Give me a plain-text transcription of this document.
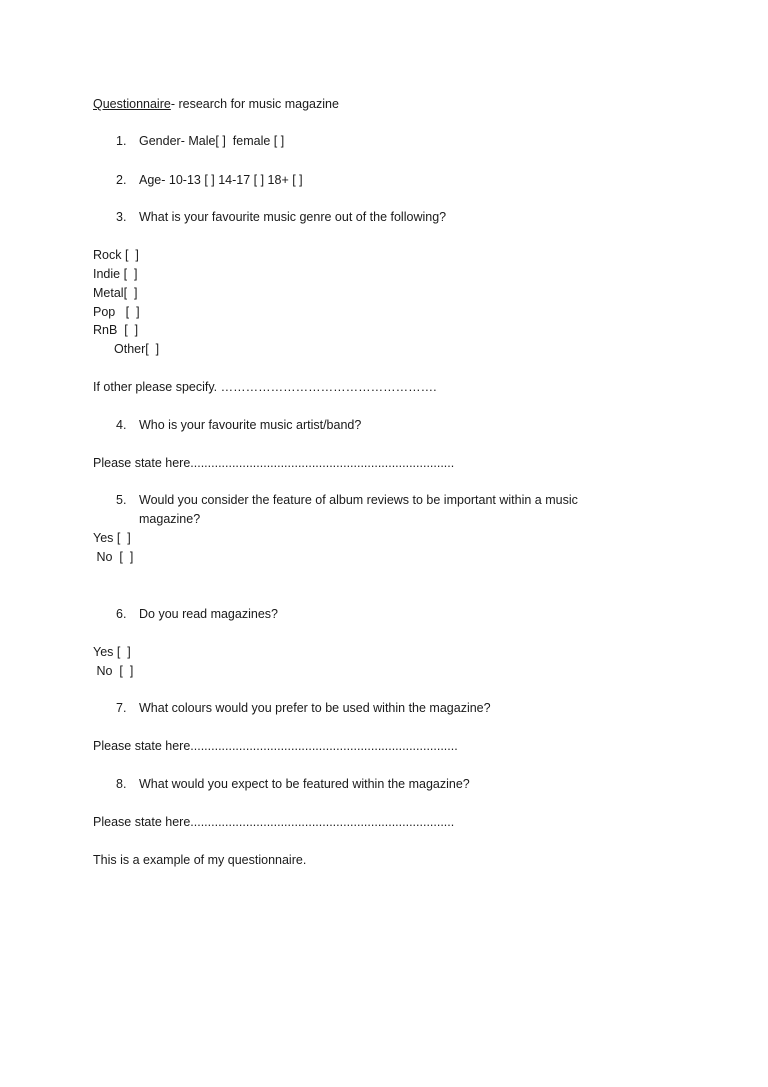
Questionnaire- research for music magazine
1. Gender- Male[ ]  female [ ]
2. Age- 10-13 [ ] 14-17 [ ] 18+ [ ]
3. What is your favourite music genre out of the following?
Rock [  ]
Indie [  ]
Metal[  ]
Pop   [  ]
RnB  [  ]
Other[  ]
If other please specify. …………………………………………….
4. Who is your favourite music artist/band?
Please state here............................................................................
5. Would you consider the feature of album reviews to be important within a music
magazine?
Yes [  ]
No  [  ]
6. Do you read magazines?
Yes [  ]
No  [  ]
7. What colours would you prefer to be used within the magazine?
Please state here.............................................................................
8. What would you expect to be featured within the magazine?
Please state here............................................................................
This is a example of my questionnaire.
